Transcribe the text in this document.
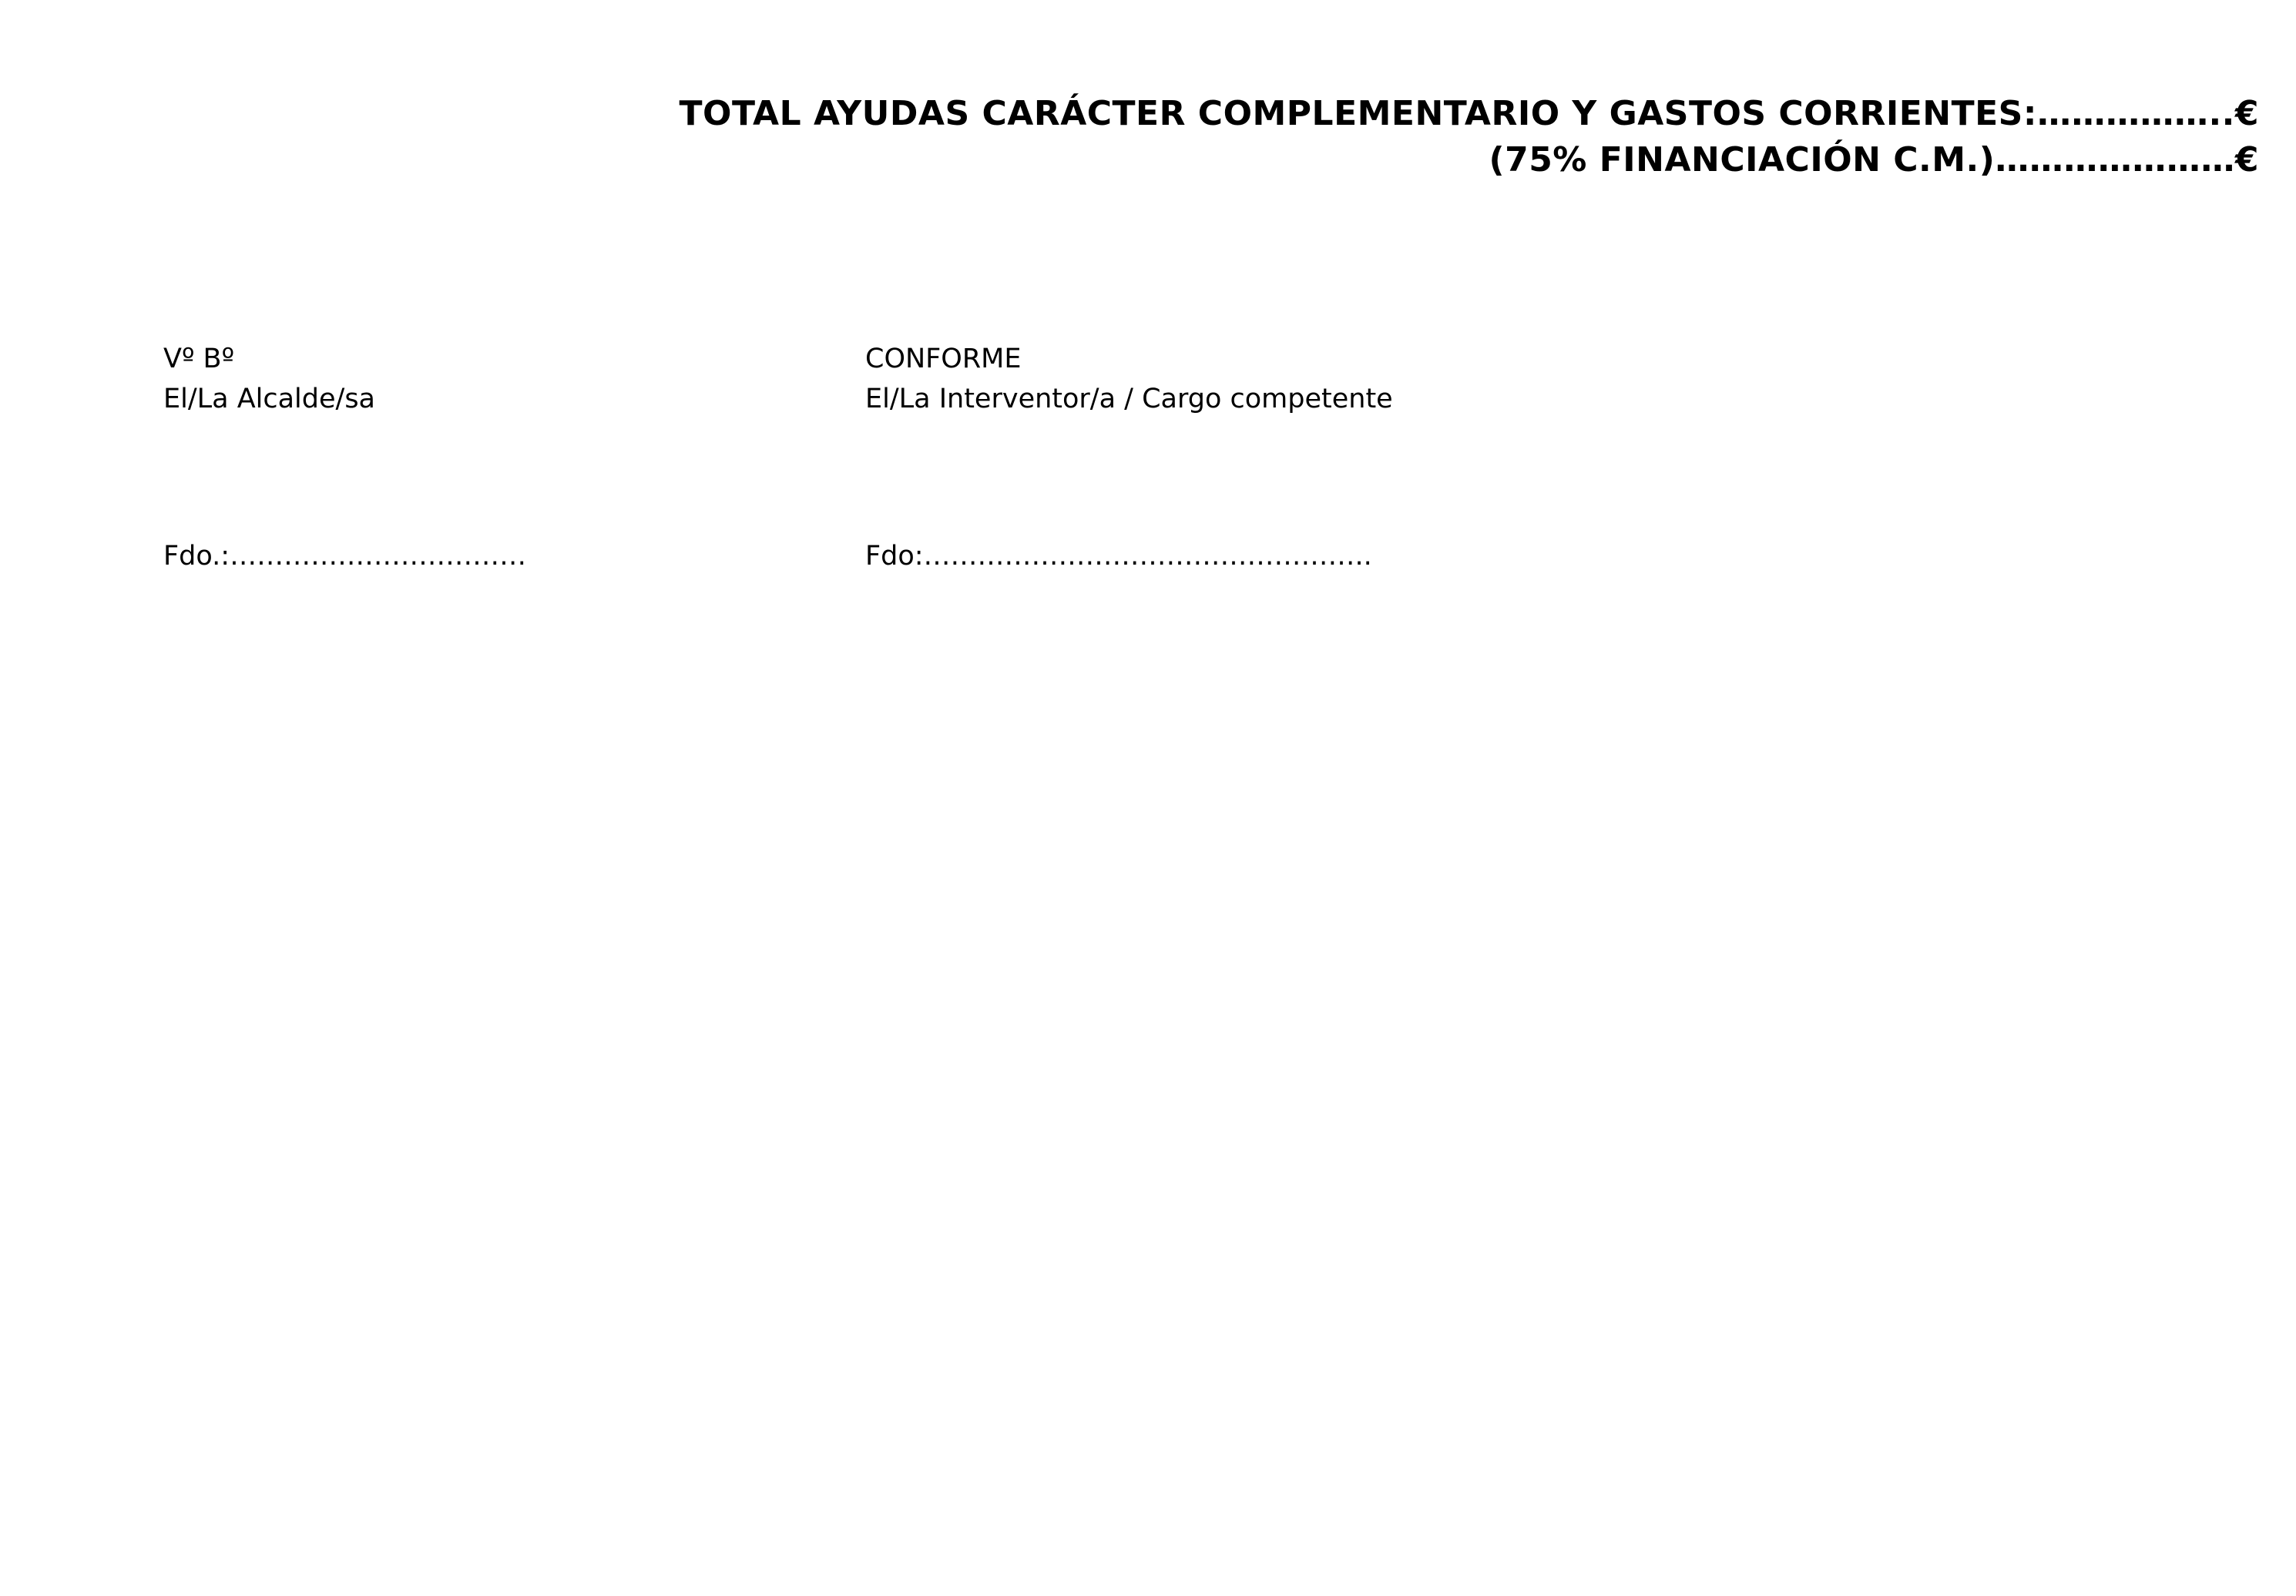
TOTAL AYUDAS CARÁCTER COMPLEMENTARIO Y GASTOS CORRIENTES:……………..€
(75% FINANCIACIÓN C.M.)…………………€
Vº Bº
El/La Alcalde/sa
CONFORME
El/La Interventor/a / Cargo competente
Fdo.:……………………………	Fdo:…………………………………………..
